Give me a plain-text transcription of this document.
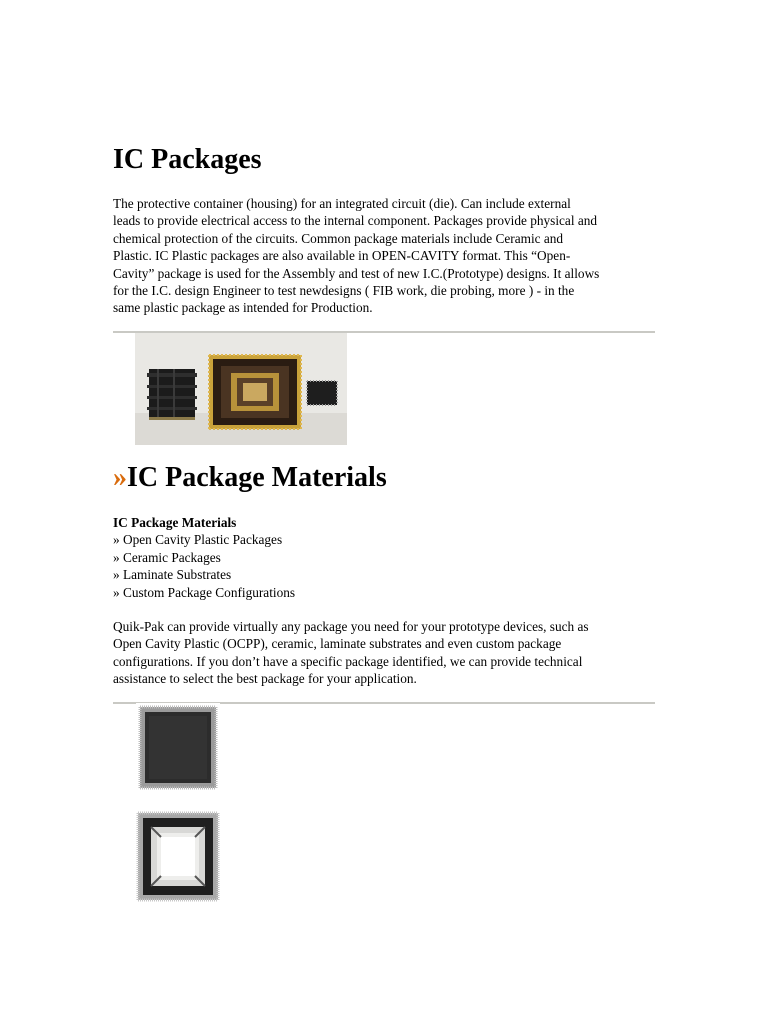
IC Packages

The protective container (housing) for an integrated circuit (die). Can include external
leads to provide electrical access to the internal component. Packages provide physical and
chemical protection of the circuits. Common package materials include Ceramic and
Plastic. IC Plastic packages are also available in OPEN-CAVITY format. This “Open-
Cavity” package is used for the Assembly and test of new I.C.(Prototype) designs. It allows
for the I.C. design Engineer to test newdesigns ( FIB work, die probing, more ) - in the
same plastic package as intended for Production.

»IC Package Materials
IC Package Materials
» Open Cavity Plastic Packages
» Ceramic Packages
» Laminate Substrates
» Custom Package Configurations

Quik-Pak can provide virtually any package you need for your prototype devices, such as
Open Cavity Plastic (OCPP), ceramic, laminate substrates and even custom package
configurations. If you don’t have a specific package identified, we can provide technical
assistance to select the best package for your application.
